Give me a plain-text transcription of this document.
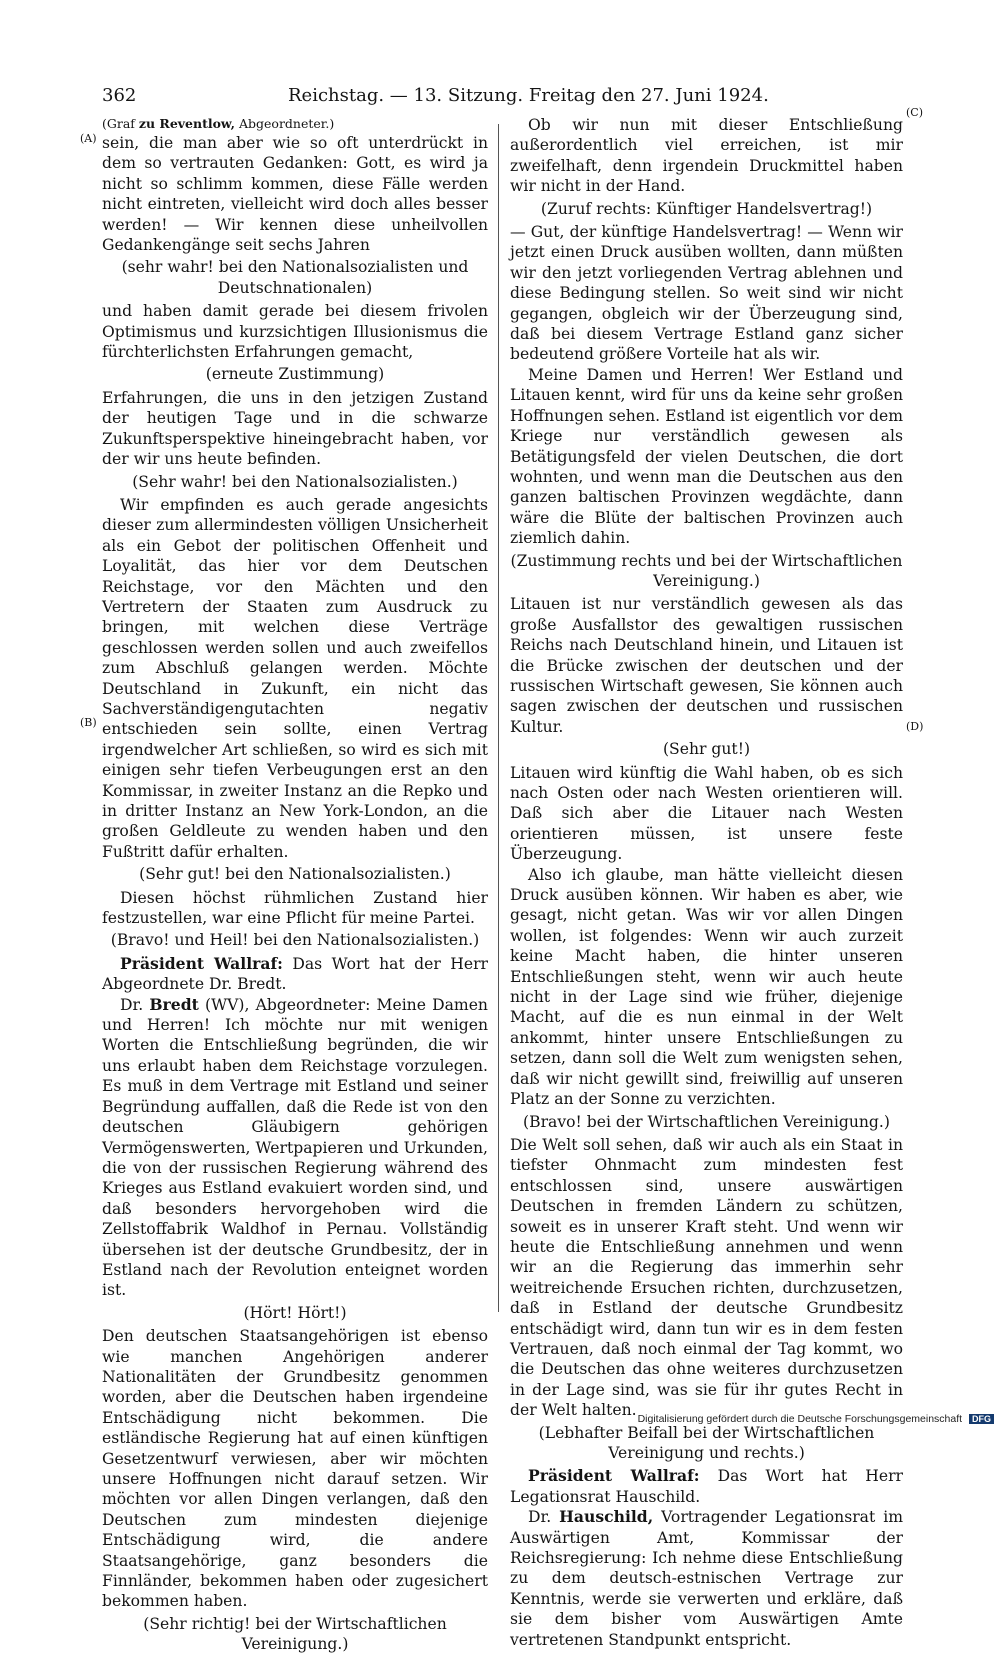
362	Reichstag. — 13. Sitzung. Freitag den 27. Juni 1924.
(A)
(B)
(C)
(D)

(Graf zu Reventlow, Abgeordneter.)

sein, die man aber wie so oft unterdrückt in dem so vertrauten Gedanken: Gott, es wird ja nicht so schlimm kommen, diese Fälle werden nicht eintreten, vielleicht wird doch alles besser werden! — Wir kennen diese unheilvollen Gedankengänge seit sechs Jahren

(sehr wahr! bei den Nationalsozialisten und Deutschnationalen)

und haben damit gerade bei diesem frivolen Optimismus und kurzsichtigen Illusionismus die fürchterlichsten Erfahrungen gemacht,

(erneute Zustimmung)

Erfahrungen, die uns in den jetzigen Zustand der heutigen Tage und in die schwarze Zukunftsperspektive hineingebracht haben, vor der wir uns heute befinden.

(Sehr wahr! bei den Nationalsozialisten.)

Wir empfinden es auch gerade angesichts dieser zum allermindesten völligen Unsicherheit als ein Gebot der politischen Offenheit und Loyalität, das hier vor dem Deutschen Reichstage, vor den Mächten und den Vertretern der Staaten zum Ausdruck zu bringen, mit welchen diese Verträge geschlossen werden sollen und auch zweifellos zum Abschluß gelangen werden. Möchte Deutschland in Zukunft, ein nicht das Sachverständigengutachten negativ entschieden sein sollte, einen Vertrag irgendwelcher Art schließen, so wird es sich mit einigen sehr tiefen Verbeugungen erst an den Kommissar, in zweiter Instanz an die Repko und in dritter Instanz an New York-London, an die großen Geldleute zu wenden haben und den Fußtritt dafür erhalten.

(Sehr gut! bei den Nationalsozialisten.)

Diesen höchst rühmlichen Zustand hier festzustellen, war eine Pflicht für meine Partei.

(Bravo! und Heil! bei den Nationalsozialisten.)

Präsident Wallraf: Das Wort hat der Herr Abgeordnete Dr. Bredt.

Dr. Bredt (WV), Abgeordneter: Meine Damen und Herren! Ich möchte nur mit wenigen Worten die Entschließung begründen, die wir uns erlaubt haben dem Reichstage vorzulegen. Es muß in dem Vertrage mit Estland und seiner Begründung auffallen, daß die Rede ist von den deutschen Gläubigern gehörigen Vermögenswerten, Wertpapieren und Urkunden, die von der russischen Regierung während des Krieges aus Estland evakuiert worden sind, und daß besonders hervorgehoben wird die Zellstoffabrik Waldhof in Pernau. Vollständig übersehen ist der deutsche Grundbesitz, der in Estland nach der Revolution enteignet worden ist.

(Hört! Hört!)

Den deutschen Staatsangehörigen ist ebenso wie manchen Angehörigen anderer Nationalitäten der Grundbesitz genommen worden, aber die Deutschen haben irgendeine Entschädigung nicht bekommen. Die estländische Regierung hat auf einen künftigen Gesetzentwurf verwiesen, aber wir möchten unsere Hoffnungen nicht darauf setzen. Wir möchten vor allen Dingen verlangen, daß den Deutschen zum mindesten diejenige Entschädigung wird, die andere Staatsangehörige, ganz besonders die Finnländer, bekommen haben oder zugesichert bekommen haben.

(Sehr richtig! bei der Wirtschaftlichen Vereinigung.)

Ob wir nun mit dieser Entschließung außerordentlich viel erreichen, ist mir zweifelhaft, denn irgendein Druckmittel haben wir nicht in der Hand.

(Zuruf rechts: Künftiger Handelsvertrag!)

— Gut, der künftige Handelsvertrag! — Wenn wir jetzt einen Druck ausüben wollten, dann müßten wir den jetzt vorliegenden Vertrag ablehnen und diese Bedingung stellen. So weit sind wir nicht gegangen, obgleich wir der Überzeugung sind, daß bei diesem Vertrage Estland ganz sicher bedeutend größere Vorteile hat als wir.

Meine Damen und Herren! Wer Estland und Litauen kennt, wird für uns da keine sehr großen Hoffnungen sehen. Estland ist eigentlich vor dem Kriege nur verständlich gewesen als Betätigungsfeld der vielen Deutschen, die dort wohnten, und wenn man die Deutschen aus den ganzen baltischen Provinzen wegdächte, dann wäre die Blüte der baltischen Provinzen auch ziemlich dahin.

(Zustimmung rechts und bei der Wirtschaftlichen Vereinigung.)

Litauen ist nur verständlich gewesen als das große Ausfallstor des gewaltigen russischen Reichs nach Deutschland hinein, und Litauen ist die Brücke zwischen der deutschen und der russischen Wirtschaft gewesen, Sie können auch sagen zwischen der deutschen und russischen Kultur.

(Sehr gut!)

Litauen wird künftig die Wahl haben, ob es sich nach Osten oder nach Westen orientieren will. Daß sich aber die Litauer nach Westen orientieren müssen, ist unsere feste Überzeugung.

Also ich glaube, man hätte vielleicht diesen Druck ausüben können. Wir haben es aber, wie gesagt, nicht getan. Was wir vor allen Dingen wollen, ist folgendes: Wenn wir auch zurzeit keine Macht haben, die hinter unseren Entschließungen steht, wenn wir auch heute nicht in der Lage sind wie früher, diejenige Macht, auf die es nun einmal in der Welt ankommt, hinter unsere Entschließungen zu setzen, dann soll die Welt zum wenigsten sehen, daß wir nicht gewillt sind, freiwillig auf unseren Platz an der Sonne zu verzichten.

(Bravo! bei der Wirtschaftlichen Vereinigung.)

Die Welt soll sehen, daß wir auch als ein Staat in tiefster Ohnmacht zum mindesten fest entschlossen sind, unsere auswärtigen Deutschen in fremden Ländern zu schützen, soweit es in unserer Kraft steht. Und wenn wir heute die Entschließung annehmen und wenn wir an die Regierung das immerhin sehr weitreichende Ersuchen richten, durchzusetzen, daß in Estland der deutsche Grundbesitz entschädigt wird, dann tun wir es in dem festen Vertrauen, daß noch einmal der Tag kommt, wo die Deutschen das ohne weiteres durchzusetzen in der Lage sind, was sie für ihr gutes Recht in der Welt halten.

(Lebhafter Beifall bei der Wirtschaftlichen Vereinigung und rechts.)

Präsident Wallraf: Das Wort hat Herr Legationsrat Hauschild.

Dr. Hauschild, Vortragender Legationsrat im Auswärtigen Amt, Kommissar der Reichsregierung: Ich nehme diese Entschließung zu dem deutsch-estnischen Vertrage zur Kenntnis, werde sie verwerten und erkläre, daß sie dem bisher vom Auswärtigen Amte vertretenen Standpunkt entspricht.

Digitalisierung gefördert durch die Deutsche Forschungsgemeinschaft DFG
